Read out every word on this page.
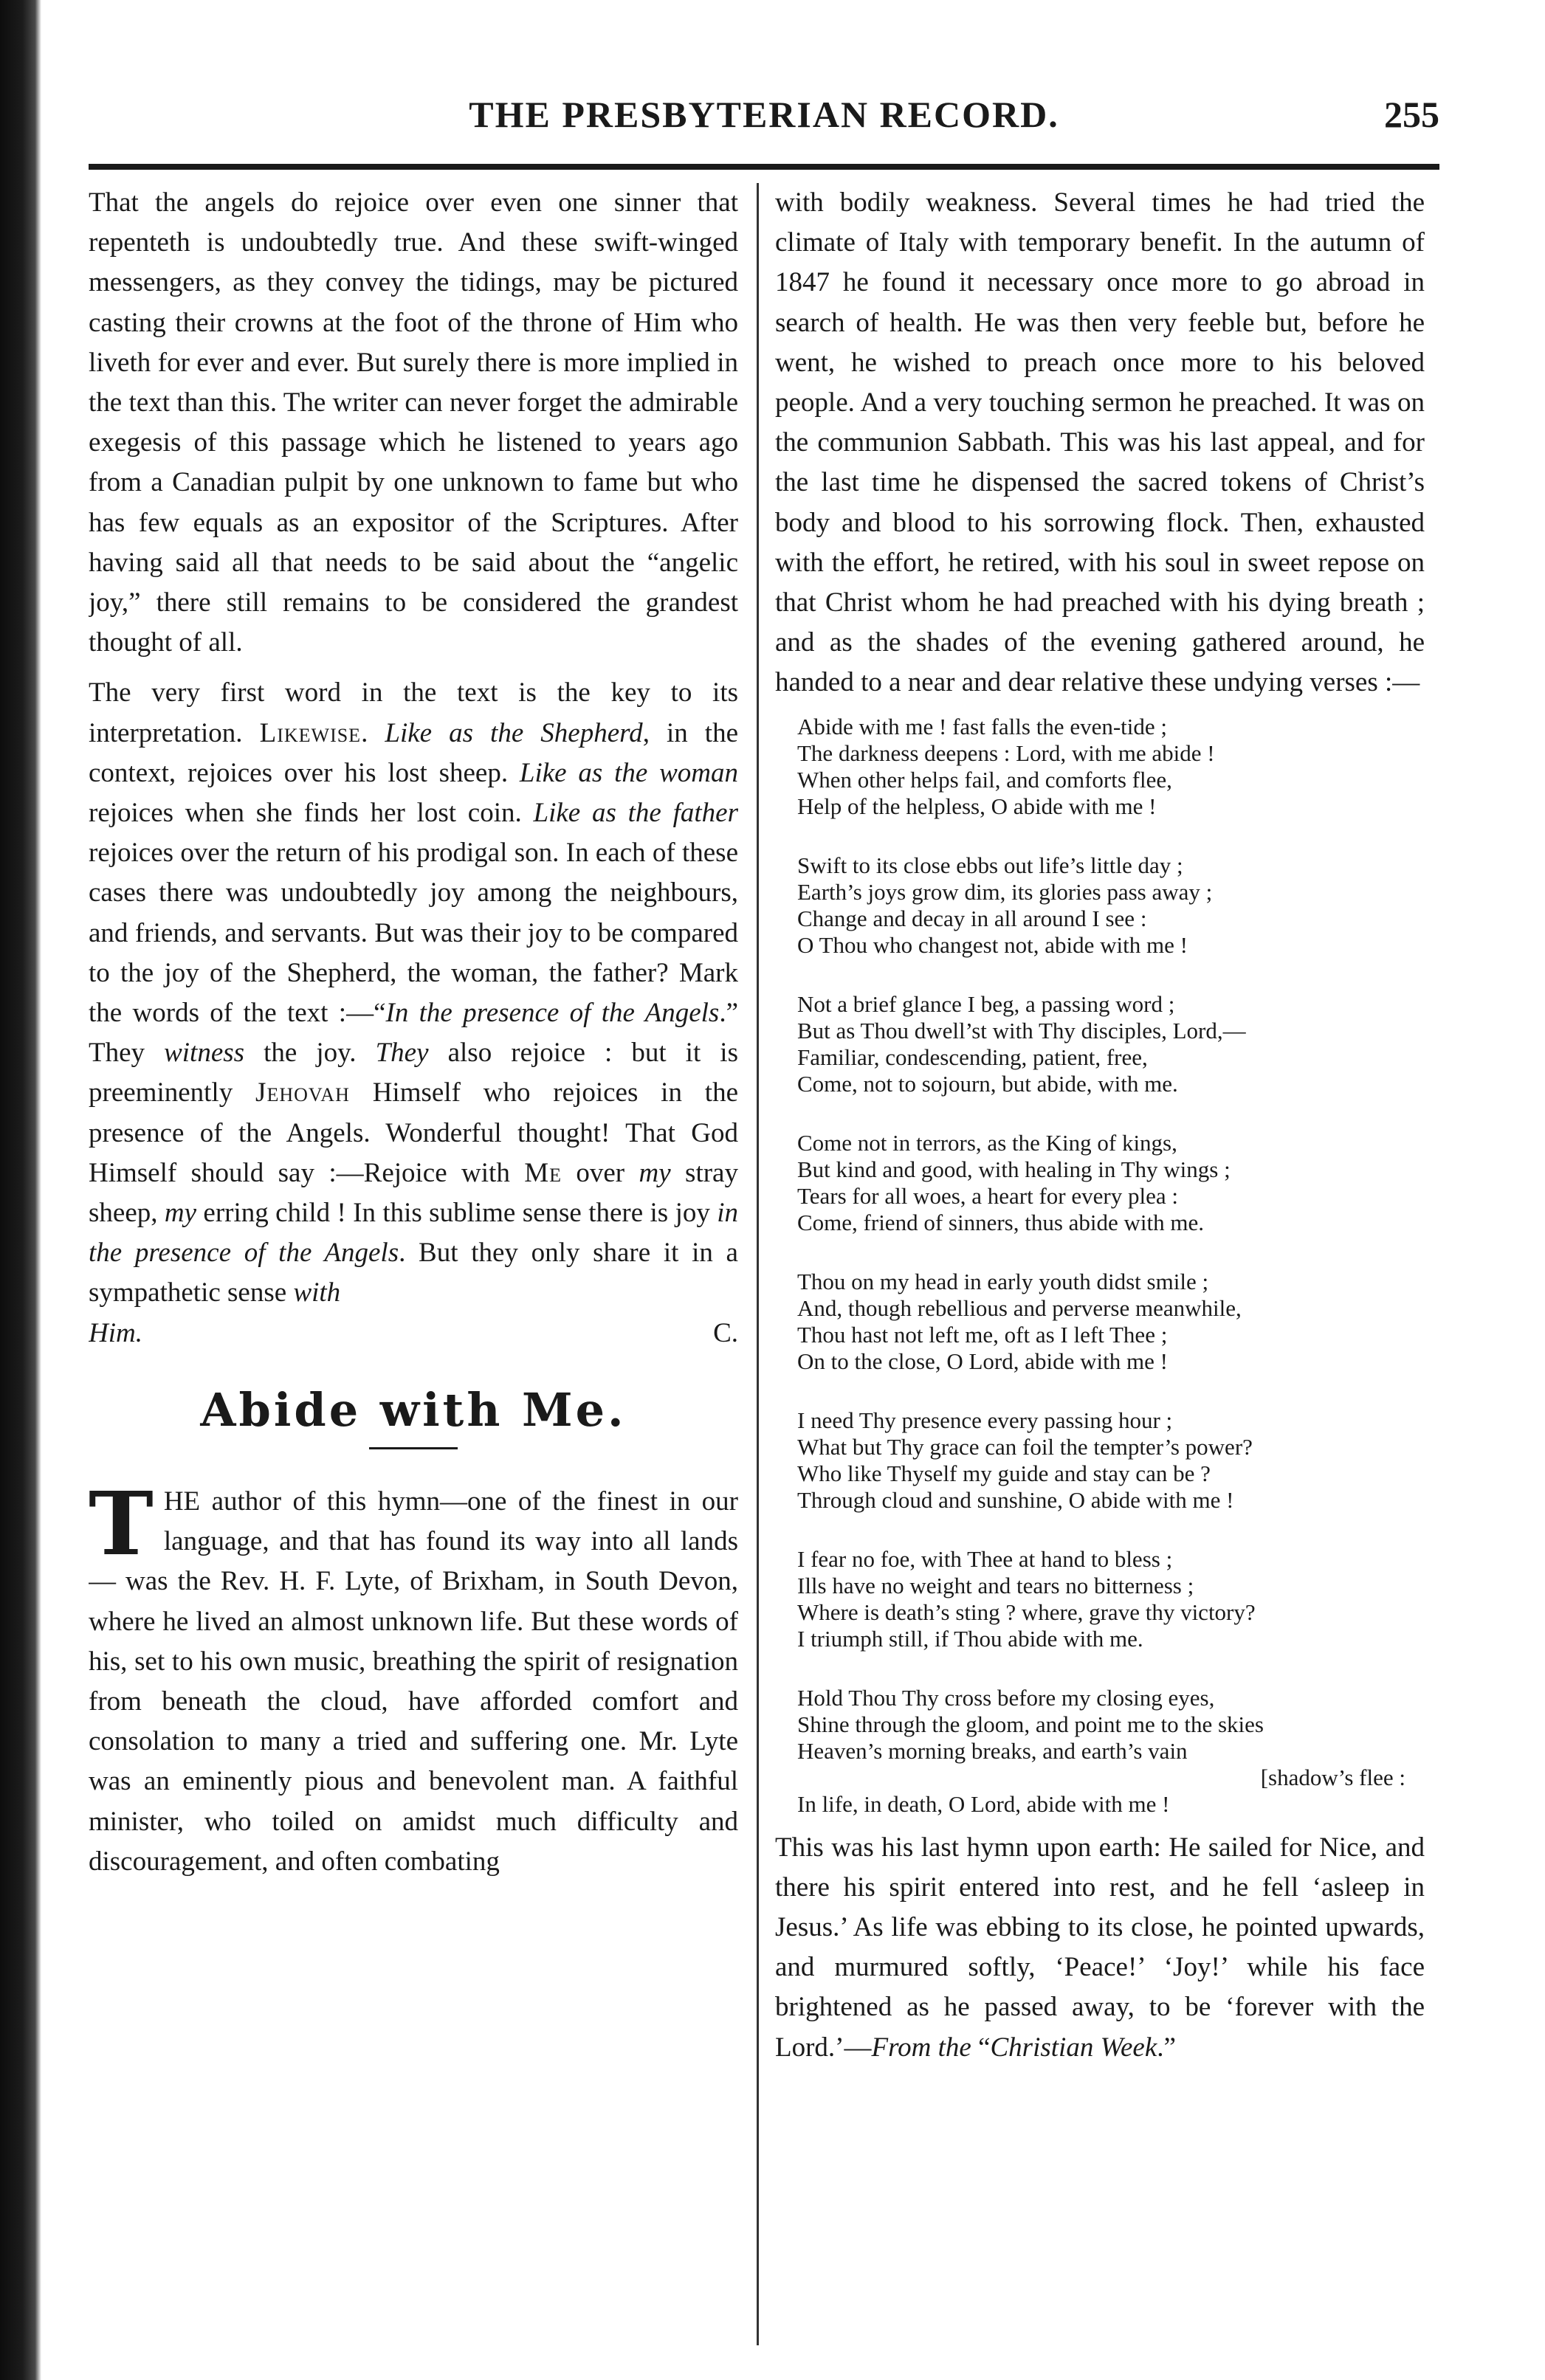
THE PRESBYTERIAN RECORD.	255

That the angels do rejoice over even one sinner that repenteth is undoubtedly true. And these swift-winged messengers, as they convey the tidings, may be pictured casting their crowns at the foot of the throne of Him who liveth for ever and ever. But surely there is more implied in the text than this. The writer can never forget the admirable exegesis of this passage which he listened to years ago from a Canadian pulpit by one unknown to fame but who has few equals as an expositor of the Scriptures. After having said all that needs to be said about the “angelic joy,” there still remains to be considered the grandest thought of all.

The very first word in the text is the key to its interpretation. Likewise. Like as the Shepherd, in the context, rejoices over his lost sheep. Like as the woman rejoices when she finds her lost coin. Like as the father rejoices over the return of his prodigal son. In each of these cases there was undoubtedly joy among the neighbours, and friends, and servants. But was their joy to be compared to the joy of the Shepherd, the woman, the father? Mark the words of the text :—“In the presence of the Angels.” They witness the joy. They also rejoice : but it is preeminently Jehovah Himself who rejoices in the presence of the Angels. Wonderful thought! That God Himself should say :—Rejoice with Me over my stray sheep, my erring child ! In this sublime sense there is joy in the presence of the Angels. But they only share it in a sympathetic sense with
Him.	C.

Abide with Me.

THE author of this hymn—one of the finest in our language, and that has found its way into all lands — was the Rev. H. F. Lyte, of Brixham, in South Devon, where he lived an almost unknown life. But these words of his, set to his own music, breathing the spirit of resignation from beneath the cloud, have afforded comfort and consolation to many a tried and suffering one. Mr. Lyte was an eminently pious and benevolent man. A faithful minister, who toiled on amidst much difficulty and discouragement, and often combating

with bodily weakness. Several times he had tried the climate of Italy with temporary benefit. In the autumn of 1847 he found it necessary once more to go abroad in search of health. He was then very feeble but, before he went, he wished to preach once more to his beloved people. And a very touching sermon he preached. It was on the communion Sabbath. This was his last appeal, and for the last time he dispensed the sacred tokens of Christ’s body and blood to his sorrowing flock. Then, exhausted with the effort, he retired, with his soul in sweet repose on that Christ whom he had preached with his dying breath ; and as the shades of the evening gathered around, he handed to a near and dear relative these undying verses :—

Abide with me ! fast falls the even-tide ;
The darkness deepens : Lord, with me abide !
When other helps fail, and comforts flee,
Help of the helpless, O abide with me !
Swift to its close ebbs out life’s little day ;
Earth’s joys grow dim, its glories pass away ;
Change and decay in all around I see :
O Thou who changest not, abide with me !
Not a brief glance I beg, a passing word ;
But as Thou dwell’st with Thy disciples, Lord,—
Familiar, condescending, patient, free,
Come, not to sojourn, but abide, with me.
Come not in terrors, as the King of kings,
But kind and good, with healing in Thy wings ;
Tears for all woes, a heart for every plea :
Come, friend of sinners, thus abide with me.
Thou on my head in early youth didst smile ;
And, though rebellious and perverse meanwhile,
Thou hast not left me, oft as I left Thee ;
On to the close, O Lord, abide with me !
I need Thy presence every passing hour ;
What but Thy grace can foil the tempter’s power?
Who like Thyself my guide and stay can be ?
Through cloud and sunshine, O abide with me !
I fear no foe, with Thee at hand to bless ;
Ills have no weight and tears no bitterness ;
Where is death’s sting ? where, grave thy victory?
I triumph still, if Thou abide with me.
Hold Thou Thy cross before my closing eyes,
Shine through the gloom, and point me to the skies
Heaven’s morning breaks, and earth’s vain
[shadow’s flee :
In life, in death, O Lord, abide with me !

This was his last hymn upon earth: He sailed for Nice, and there his spirit entered into rest, and he fell ‘asleep in Jesus.’ As life was ebbing to its close, he pointed upwards, and murmured softly, ‘Peace!’ ‘Joy!’ while his face brightened as he passed away, to be ‘forever with the Lord.’—From the “Christian Week.”
